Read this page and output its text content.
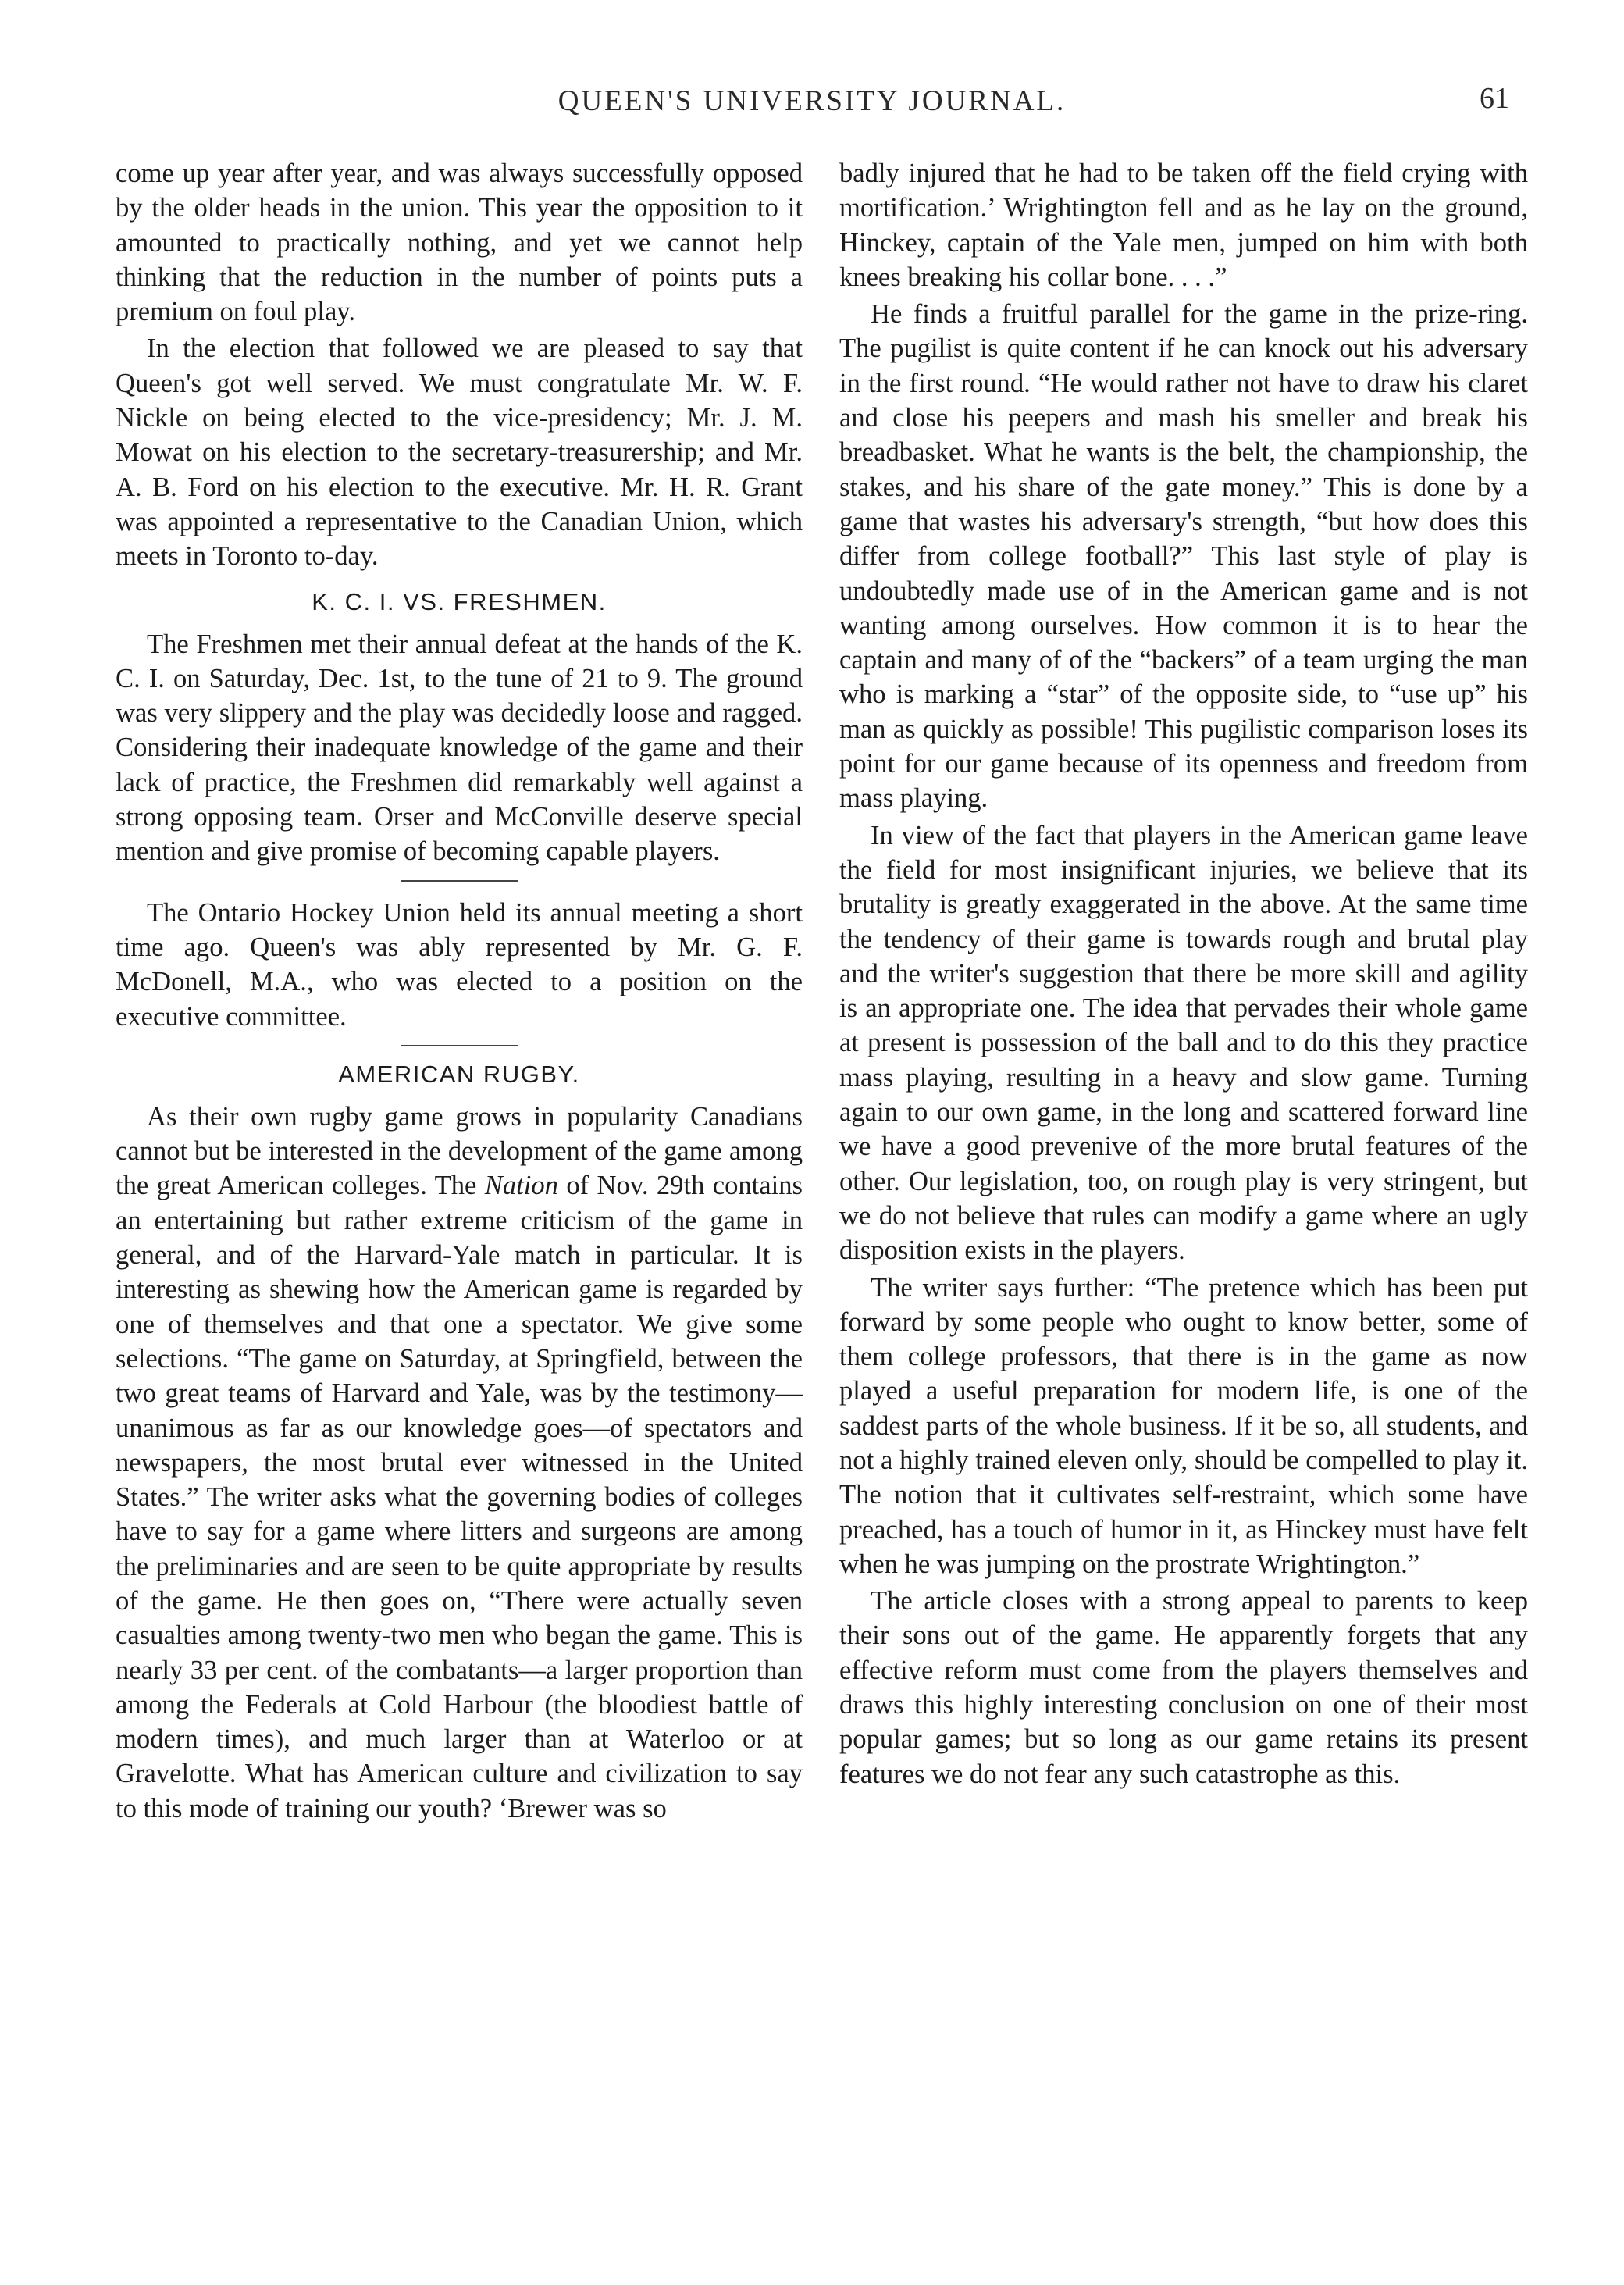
QUEEN'S UNIVERSITY JOURNAL.	61

come up year after year, and was always successfully opposed by the older heads in the union. This year the opposition to it amounted to practically nothing, and yet we cannot help thinking that the reduction in the number of points puts a premium on foul play.

In the election that followed we are pleased to say that Queen's got well served. We must congratulate Mr. W. F. Nickle on being elected to the vice-presidency; Mr. J. M. Mowat on his election to the secretary-treasurership; and Mr. A. B. Ford on his election to the executive. Mr. H. R. Grant was appointed a representative to the Canadian Union, which meets in Toronto to-day.

K. C. I. VS. FRESHMEN.

The Freshmen met their annual defeat at the hands of the K. C. I. on Saturday, Dec. 1st, to the tune of 21 to 9. The ground was very slippery and the play was decidedly loose and ragged. Considering their inadequate knowledge of the game and their lack of practice, the Freshmen did remarkably well against a strong opposing team. Orser and McConville deserve special mention and give promise of becoming capable players.

The Ontario Hockey Union held its annual meeting a short time ago. Queen's was ably represented by Mr. G. F. McDonell, M.A., who was elected to a position on the executive committee.

AMERICAN RUGBY.

As their own rugby game grows in popularity Canadians cannot but be interested in the development of the game among the great American colleges. The Nation of Nov. 29th contains an entertaining but rather extreme criticism of the game in general, and of the Harvard-Yale match in particular. It is interesting as shewing how the American game is regarded by one of themselves and that one a spectator. We give some selections. “The game on Saturday, at Springfield, between the two great teams of Harvard and Yale, was by the testimony—unanimous as far as our knowledge goes—of spectators and newspapers, the most brutal ever witnessed in the United States.” The writer asks what the governing bodies of colleges have to say for a game where litters and surgeons are among the preliminaries and are seen to be quite appropriate by results of the game. He then goes on, “There were actually seven casualties among twenty-two men who began the game. This is nearly 33 per cent. of the combatants—a larger proportion than among the Federals at Cold Harbour (the bloodiest battle of modern times), and much larger than at Waterloo or at Gravelotte. What has American culture and civilization to say to this mode of training our youth? ‘Brewer was so

badly injured that he had to be taken off the field crying with mortification.’ Wrightington fell and as he lay on the ground, Hinckey, captain of the Yale men, jumped on him with both knees breaking his collar bone. . . .”

He finds a fruitful parallel for the game in the prize-ring. The pugilist is quite content if he can knock out his adversary in the first round. “He would rather not have to draw his claret and close his peepers and mash his smeller and break his breadbasket. What he wants is the belt, the championship, the stakes, and his share of the gate money.” This is done by a game that wastes his adversary's strength, “but how does this differ from college football?” This last style of play is undoubtedly made use of in the American game and is not wanting among ourselves. How common it is to hear the captain and many of of the “backers” of a team urging the man who is marking a “star” of the opposite side, to “use up” his man as quickly as possible! This pugilistic comparison loses its point for our game because of its openness and freedom from mass playing.

In view of the fact that players in the American game leave the field for most insignificant injuries, we believe that its brutality is greatly exaggerated in the above. At the same time the tendency of their game is towards rough and brutal play and the writer's suggestion that there be more skill and agility is an appropriate one. The idea that pervades their whole game at present is possession of the ball and to do this they practice mass playing, resulting in a heavy and slow game. Turning again to our own game, in the long and scattered forward line we have a good prevenive of the more brutal features of the other. Our legislation, too, on rough play is very stringent, but we do not believe that rules can modify a game where an ugly disposition exists in the players.

The writer says further: “The pretence which has been put forward by some people who ought to know better, some of them college professors, that there is in the game as now played a useful preparation for modern life, is one of the saddest parts of the whole business. If it be so, all students, and not a highly trained eleven only, should be compelled to play it. The notion that it cultivates self-restraint, which some have preached, has a touch of humor in it, as Hinckey must have felt when he was jumping on the prostrate Wrightington.”

The article closes with a strong appeal to parents to keep their sons out of the game. He apparently forgets that any effective reform must come from the players themselves and draws this highly interesting conclusion on one of their most popular games; but so long as our game retains its present features we do not fear any such catastrophe as this.
